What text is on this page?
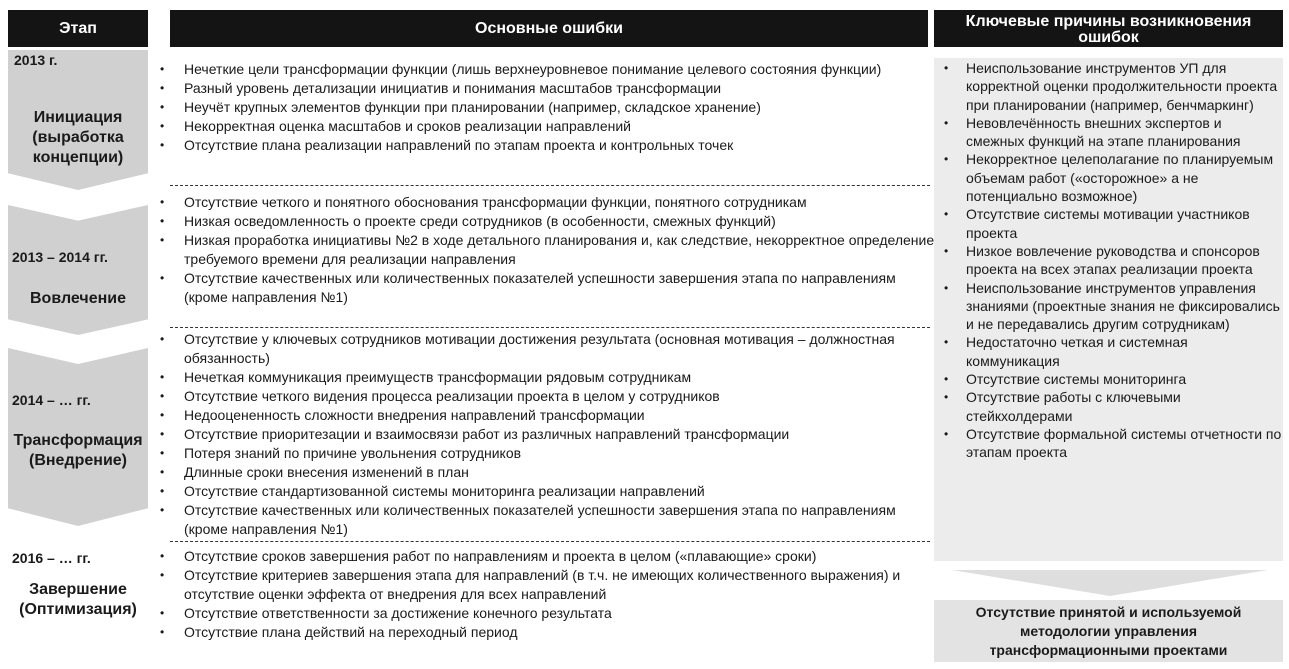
Этап	Основные ошибки	Ключевые причины возникновения ошибок
2013 г.
Инициация (выработка концепции)
2013 – 2014 гг.
Вовлечение
2014 – … гг.
Трансформация (Внедрение)
2016 – … гг.
Завершение (Оптимизация)
• Нечеткие цели трансформации функции (лишь верхнеуровневое понимание целевого состояния функции)
• Разный уровень детализации инициатив и понимания масштабов трансформации
• Неучёт крупных элементов функции при планировании (например, складское хранение)
• Некорректная оценка масштабов и сроков реализации направлений
• Отсутствие плана реализации направлений по этапам проекта и контрольных точек
• Отсутствие четкого и понятного обоснования трансформации функции, понятного сотрудникам
• Низкая осведомленность о проекте среди сотрудников (в особенности, смежных функций)
• Низкая проработка инициативы №2 в ходе детального планирования и, как следствие, некорректное определение требуемого времени для реализации направления
• Отсутствие качественных или количественных показателей успешности завершения этапа по направлениям (кроме направления №1)
• Отсутствие у ключевых сотрудников мотивации достижения результата (основная мотивация – должностная обязанность)
• Нечеткая коммуникация преимуществ трансформации рядовым сотрудникам
• Отсутствие четкого видения процесса реализации проекта в целом у сотрудников
• Недооцененность сложности внедрения направлений трансформации
• Отсутствие приоритезации и взаимосвязи работ из различных направлений трансформации
• Потеря знаний по причине увольнения сотрудников
• Длинные сроки внесения изменений в план
• Отсутствие стандартизованной системы мониторинга реализации направлений
• Отсутствие качественных или количественных показателей успешности завершения этапа по направлениям (кроме направления №1)
• Отсутствие сроков завершения работ по направлениям и проекта в целом («плавающие» сроки)
• Отсутствие критериев завершения этапа для направлений (в т.ч. не имеющих количественного выражения) и отсутствие оценки эффекта от внедрения для всех направлений
• Отсутствие ответственности за достижение конечного результата
• Отсутствие плана действий на переходный период
• Неиспользование инструментов УП для корректной оценки продолжительности проекта при планировании (например, бенчмаркинг)
• Невовлечённость внешних экспертов и смежных функций на этапе планирования
• Некорректное целеполагание по планируемым объемам работ («осторожное» а не потенциально возможное)
• Отсутствие системы мотивации участников проекта
• Низкое вовлечение руководства и спонсоров проекта на всех этапах реализации проекта
• Неиспользование инструментов управления знаниями (проектные знания не фиксировались и не передавались другим сотрудникам)
• Недостаточно четкая и системная коммуникация
• Отсутствие системы мониторинга
• Отсутствие работы с ключевыми стейкхолдерами
• Отсутствие формальной системы отчетности по этапам проекта
Отсутствие принятой и используемой методологии управления трансформационными проектами
